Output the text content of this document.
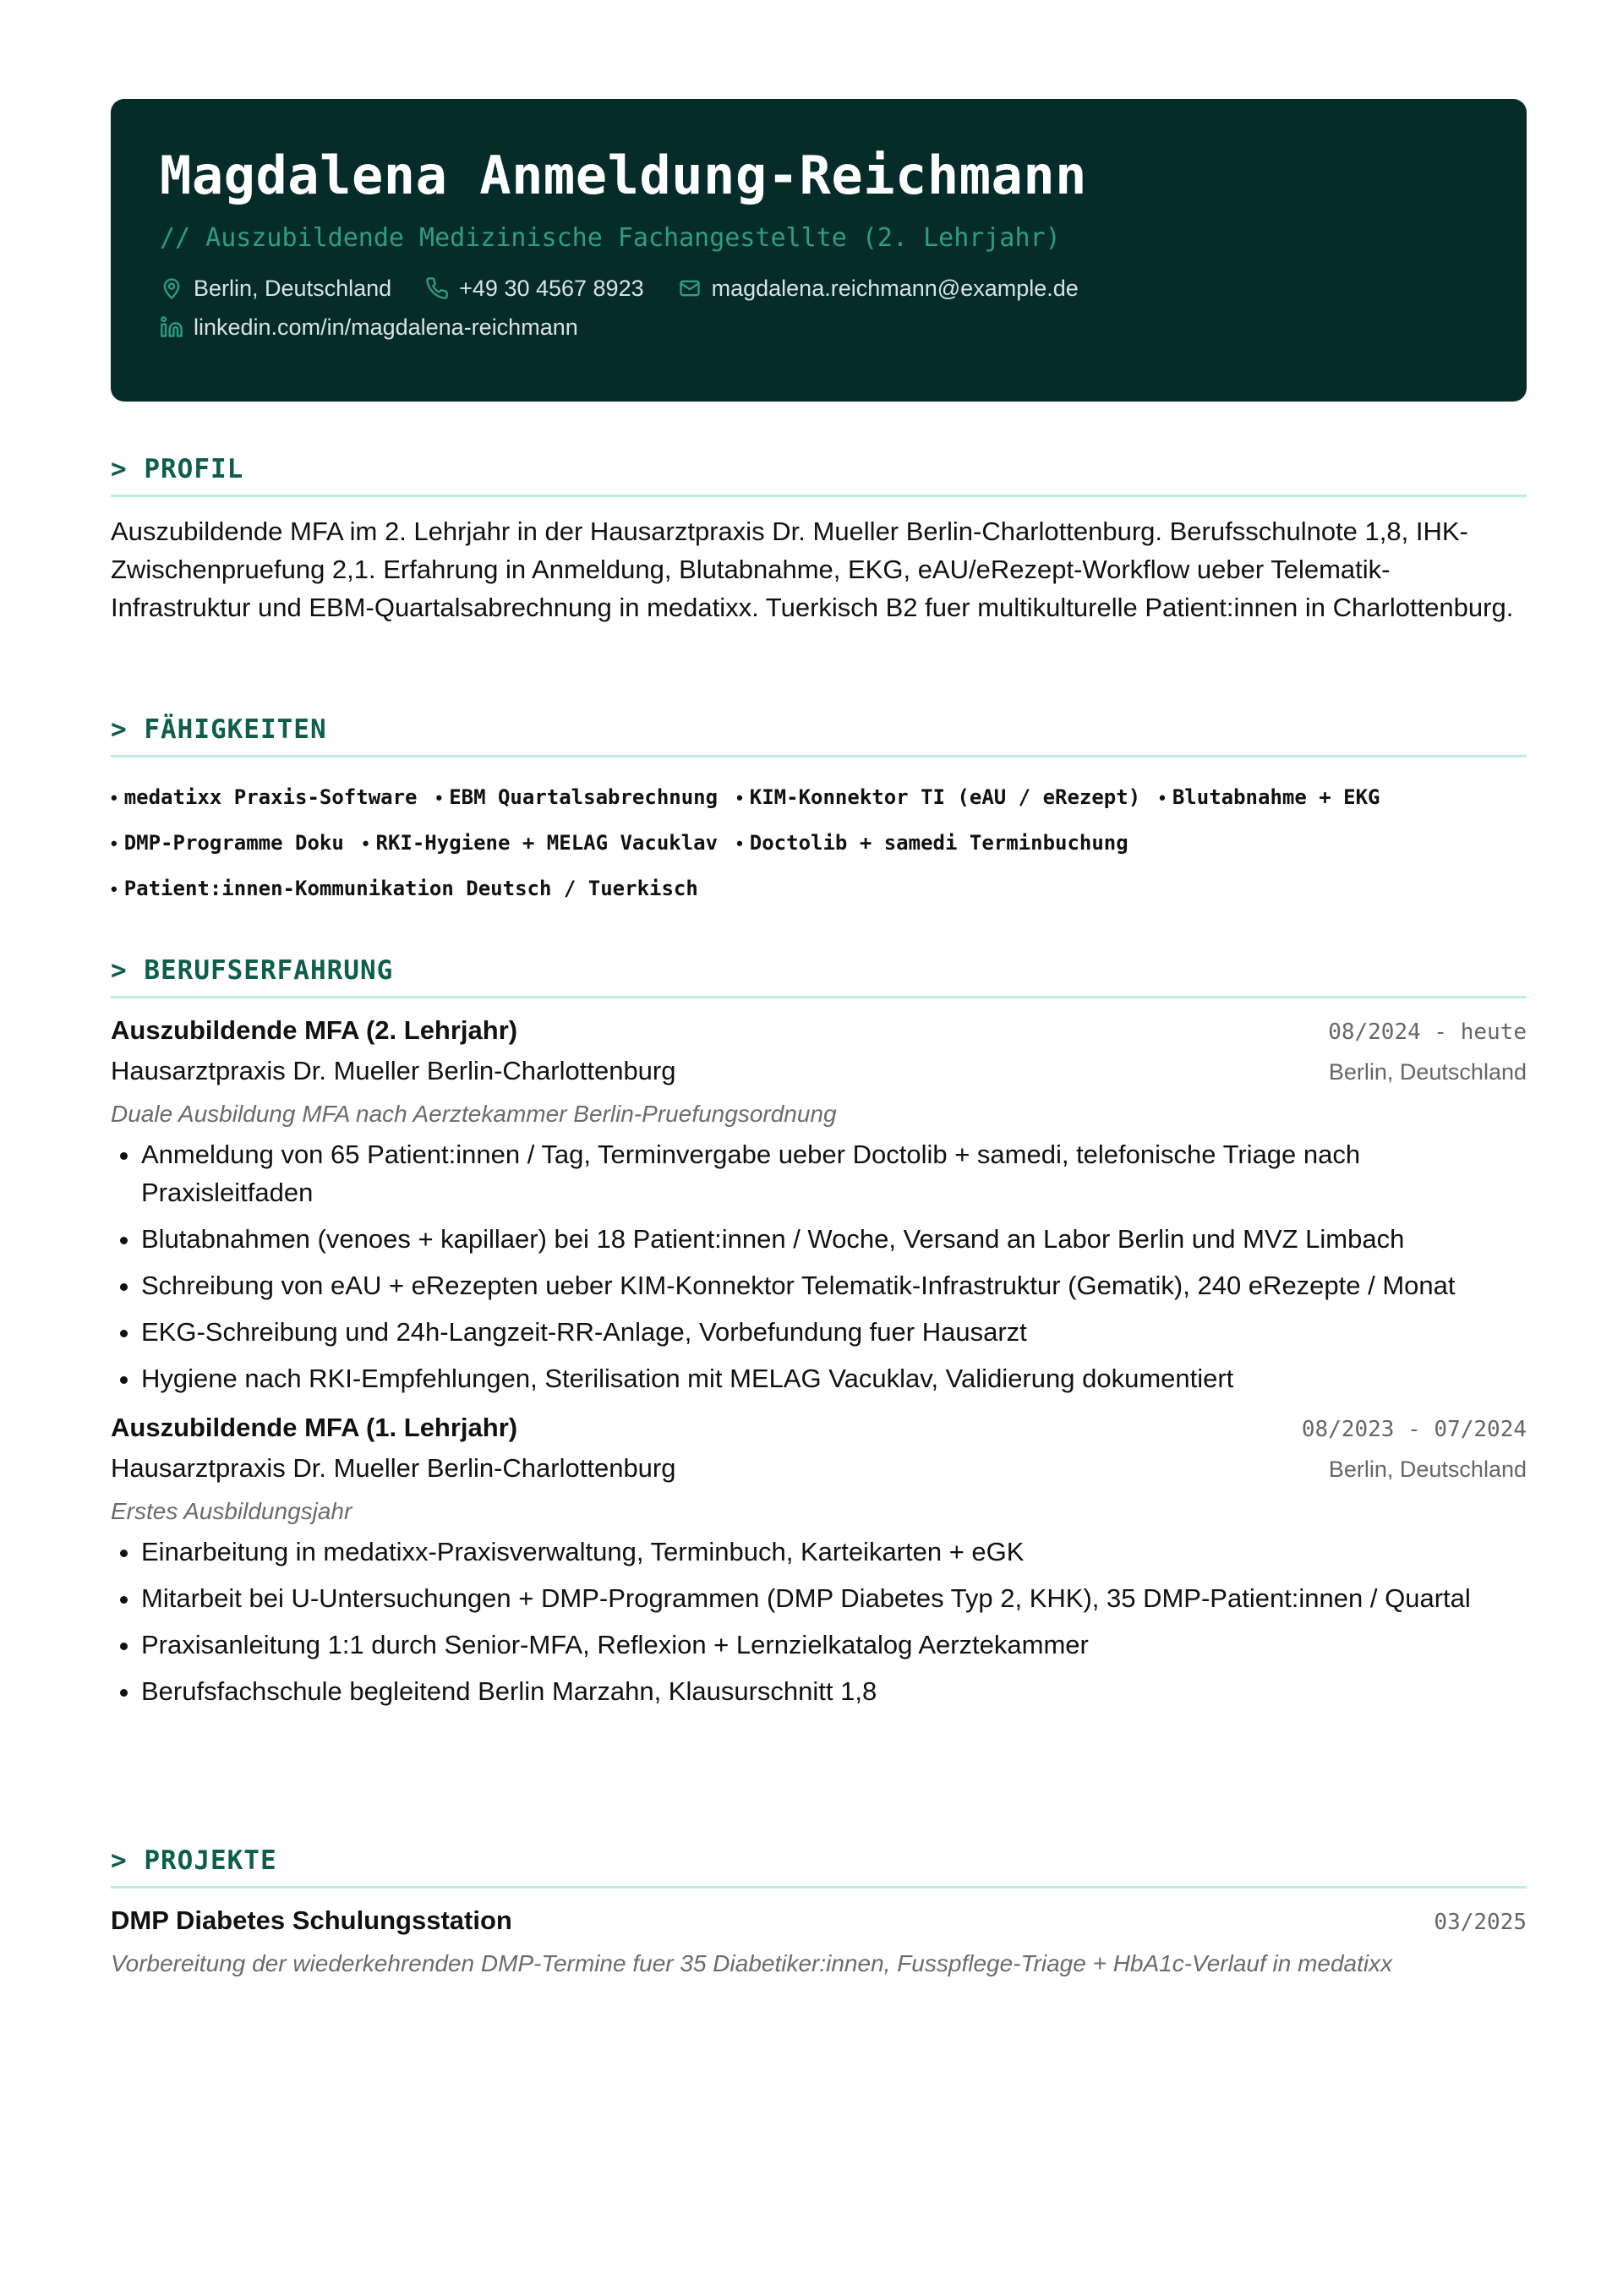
Magdalena Anmeldung-Reichmann
// Auszubildende Medizinische Fachangestellte (2. Lehrjahr)
Berlin, Deutschland	+49 30 4567 8923	magdalena.reichmann@example.de
linkedin.com/in/magdalena-reichmann
> PROFIL
Auszubildende MFA im 2. Lehrjahr in der Hausarztpraxis Dr. Mueller Berlin-Charlottenburg. Berufsschulnote 1,8, IHK-Zwischenpruefung 2,1. Erfahrung in Anmeldung, Blutabnahme, EKG, eAU/eRezept-Workflow ueber Telematik-Infrastruktur und EBM-Quartalsabrechnung in medatixx. Tuerkisch B2 fuer multikulturelle Patient:innen in Charlottenburg.
> FÄHIGKEITEN
• medatixx Praxis-Software • EBM Quartalsabrechnung • KIM-Konnektor TI (eAU / eRezept) • Blutabnahme + EKG
• DMP-Programme Doku • RKI-Hygiene + MELAG Vacuklav • Doctolib + samedi Terminbuchung
• Patient:innen-Kommunikation Deutsch / Tuerkisch
> BERUFSERFAHRUNG
Auszubildende MFA (2. Lehrjahr)	08/2024 - heute
Hausarztpraxis Dr. Mueller Berlin-Charlottenburg	Berlin, Deutschland
Duale Ausbildung MFA nach Aerztekammer Berlin-Pruefungsordnung
• Anmeldung von 65 Patient:innen / Tag, Terminvergabe ueber Doctolib + samedi, telefonische Triage nach Praxisleitfaden
• Blutabnahmen (venoes + kapillaer) bei 18 Patient:innen / Woche, Versand an Labor Berlin und MVZ Limbach
• Schreibung von eAU + eRezepten ueber KIM-Konnektor Telematik-Infrastruktur (Gematik), 240 eRezepte / Monat
• EKG-Schreibung und 24h-Langzeit-RR-Anlage, Vorbefundung fuer Hausarzt
• Hygiene nach RKI-Empfehlungen, Sterilisation mit MELAG Vacuklav, Validierung dokumentiert
Auszubildende MFA (1. Lehrjahr)	08/2023 - 07/2024
Hausarztpraxis Dr. Mueller Berlin-Charlottenburg	Berlin, Deutschland
Erstes Ausbildungsjahr
• Einarbeitung in medatixx-Praxisverwaltung, Terminbuch, Karteikarten + eGK
• Mitarbeit bei U-Untersuchungen + DMP-Programmen (DMP Diabetes Typ 2, KHK), 35 DMP-Patient:innen / Quartal
• Praxisanleitung 1:1 durch Senior-MFA, Reflexion + Lernzielkatalog Aerztekammer
• Berufsfachschule begleitend Berlin Marzahn, Klausurschnitt 1,8
> PROJEKTE
DMP Diabetes Schulungsstation	03/2025
Vorbereitung der wiederkehrenden DMP-Termine fuer 35 Diabetiker:innen, Fusspflege-Triage + HbA1c-Verlauf in medatixx
